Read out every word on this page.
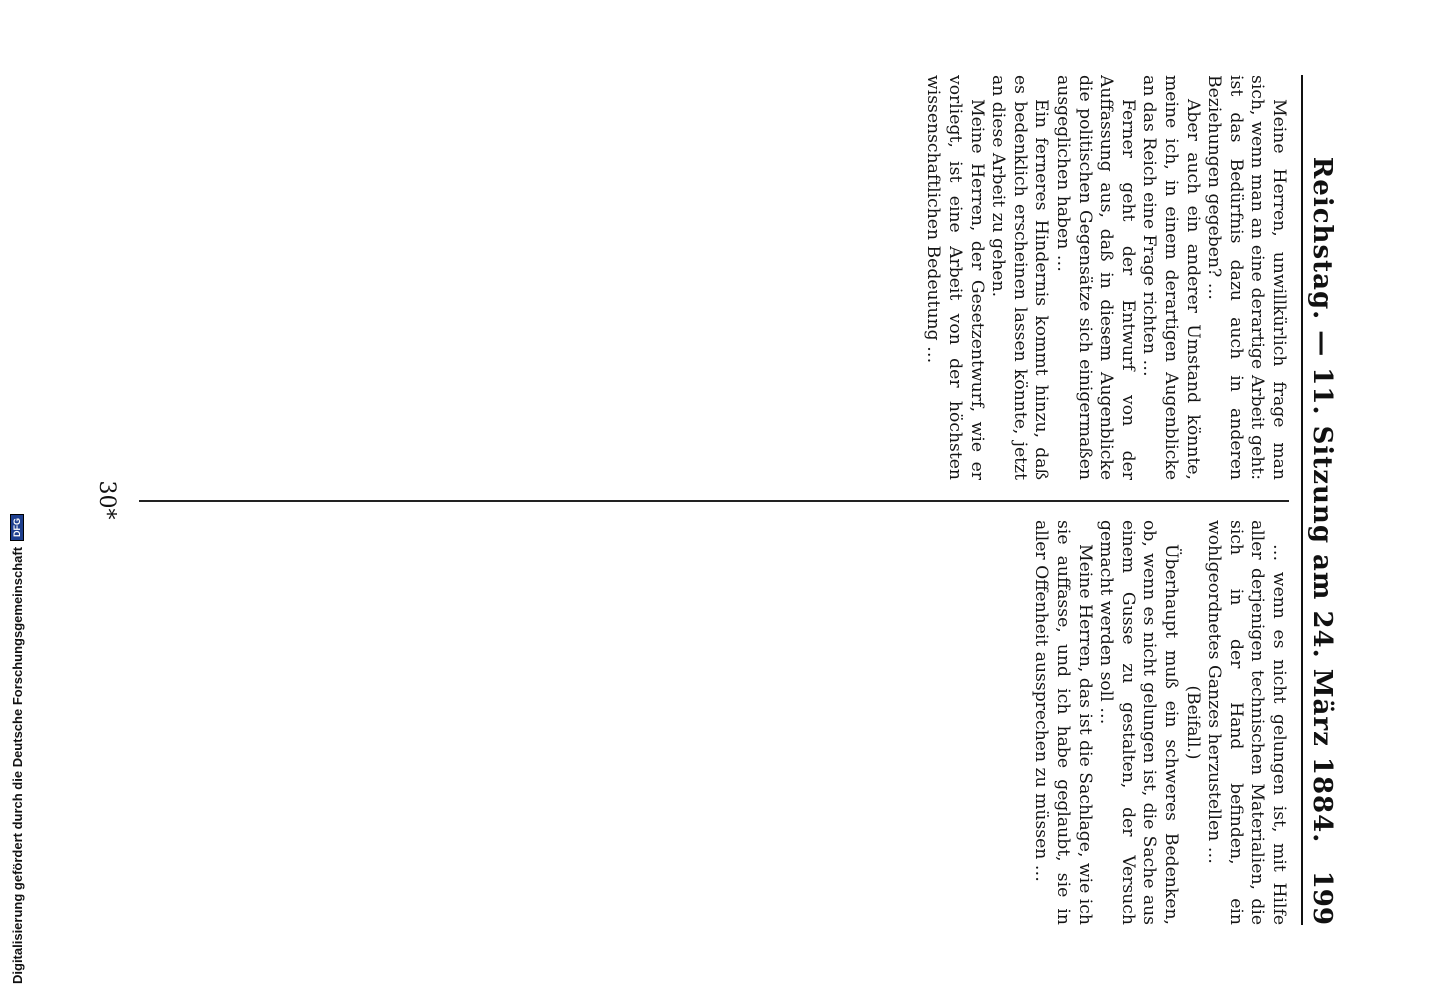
Digitalisierung gefördert durch die Deutsche Forschungsgemeinschaft
DFG	Reichstag. — 11. Sitzung am 24. März 1884.
199

Meine Herren, unwillkürlich frage man sich, wenn man an eine derartige Arbeit geht: ist das Bedürfnis dazu auch in anderen Beziehungen gegeben? …

Aber auch ein anderer Umstand könnte, meine ich, in einem derartigen Augenblicke an das Reich eine Frage richten …

Ferner geht der Entwurf von der Auffassung aus, daß in diesem Augenblicke die politischen Gegensätze sich einigermaßen ausgeglichen haben …

Ein ferneres Hindernis kommt hinzu, daß es bedenklich erscheinen lassen könnte, jetzt an diese Arbeit zu gehen.

Meine Herren, der Gesetzentwurf, wie er vorliegt, ist eine Arbeit von der höchsten wissenschaftlichen Bedeutung …

… wenn es nicht gelungen ist, mit Hilfe aller derjenigen technischen Materialien, die sich in der Hand befinden, ein wohlgeordnetes Ganzes herzustellen …

(Beifall.)

Überhaupt muß ein schweres Bedenken, ob, wenn es nicht gelungen ist, die Sache aus einem Gusse zu gestalten, der Versuch gemacht werden soll …

Meine Herren, das ist die Sachlage, wie ich sie auffasse, und ich habe geglaubt, sie in aller Offenheit aussprechen zu müssen …

30*
